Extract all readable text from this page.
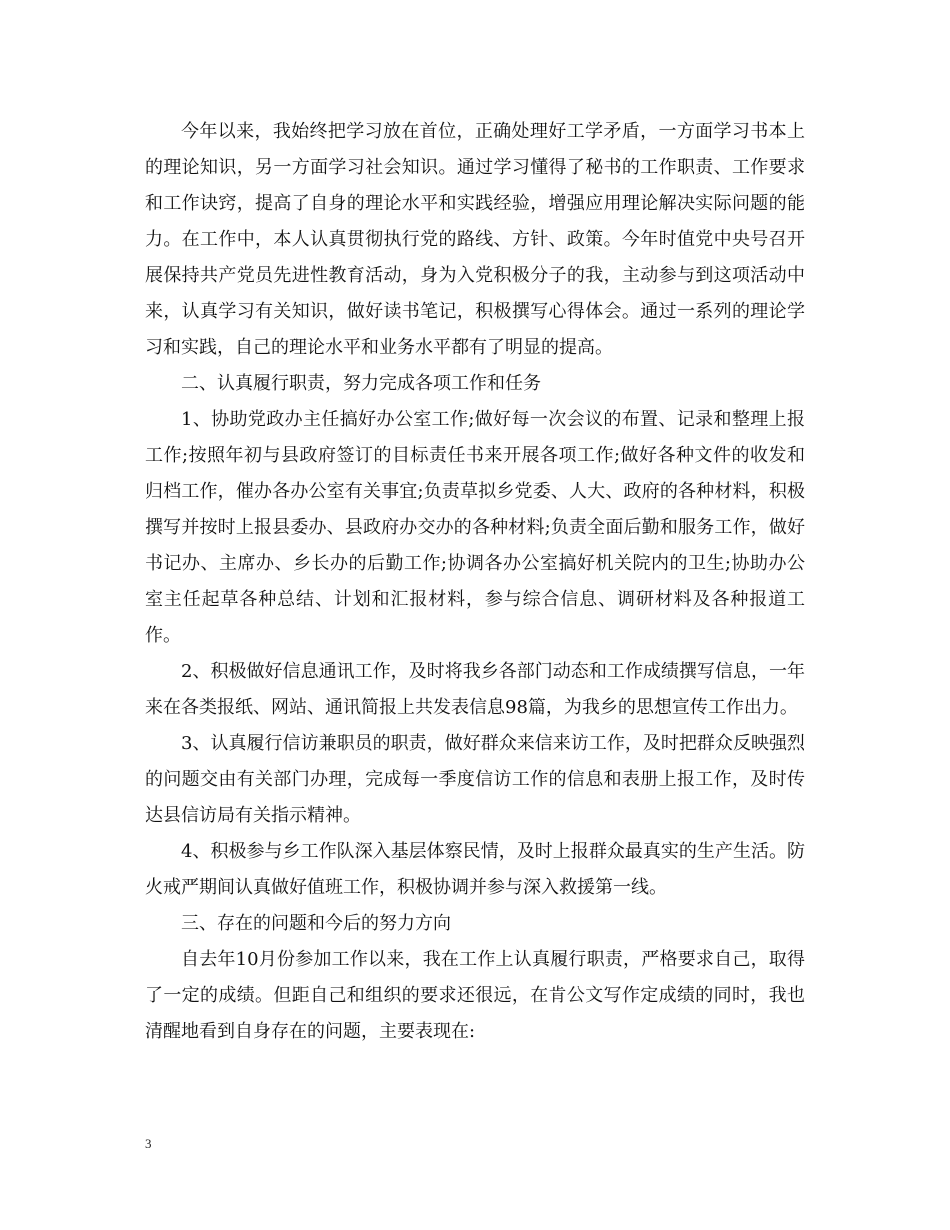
今年以来，我始终把学习放在首位，正确处理好工学矛盾，一方面学习书本上的理论知识，另一方面学习社会知识。通过学习懂得了秘书的工作职责、工作要求和工作诀窍，提高了自身的理论水平和实践经验，增强应用理论解决实际问题的能力。在工作中，本人认真贯彻执行党的路线、方针、政策。今年时值党中央号召开展保持共产党员先进性教育活动，身为入党积极分子的我，主动参与到这项活动中来，认真学习有关知识，做好读书笔记，积极撰写心得体会。通过一系列的理论学习和实践，自己的理论水平和业务水平都有了明显的提高。

二、认真履行职责，努力完成各项工作和任务

1、协助党政办主任搞好办公室工作;做好每一次会议的布置、记录和整理上报工作;按照年初与县政府签订的目标责任书来开展各项工作;做好各种文件的收发和归档工作，催办各办公室有关事宜;负责草拟乡党委、人大、政府的各种材料，积极撰写并按时上报县委办、县政府办交办的各种材料;负责全面后勤和服务工作，做好书记办、主席办、乡长办的后勤工作;协调各办公室搞好机关院内的卫生;协助办公室主任起草各种总结、计划和汇报材料，参与综合信息、调研材料及各种报道工作。

2、积极做好信息通讯工作，及时将我乡各部门动态和工作成绩撰写信息，一年来在各类报纸、网站、通讯简报上共发表信息98篇，为我乡的思想宣传工作出力。

3、认真履行信访兼职员的职责，做好群众来信来访工作，及时把群众反映强烈的问题交由有关部门办理，完成每一季度信访工作的信息和表册上报工作，及时传达县信访局有关指示精神。

4、积极参与乡工作队深入基层体察民情，及时上报群众最真实的生产生活。防火戒严期间认真做好值班工作，积极协调并参与深入救援第一线。

三、存在的问题和今后的努力方向

自去年10月份参加工作以来，我在工作上认真履行职责，严格要求自己，取得了一定的成绩。但距自己和组织的要求还很远，在肯公文写作定成绩的同时，我也清醒地看到自身存在的问题，主要表现在:

3
